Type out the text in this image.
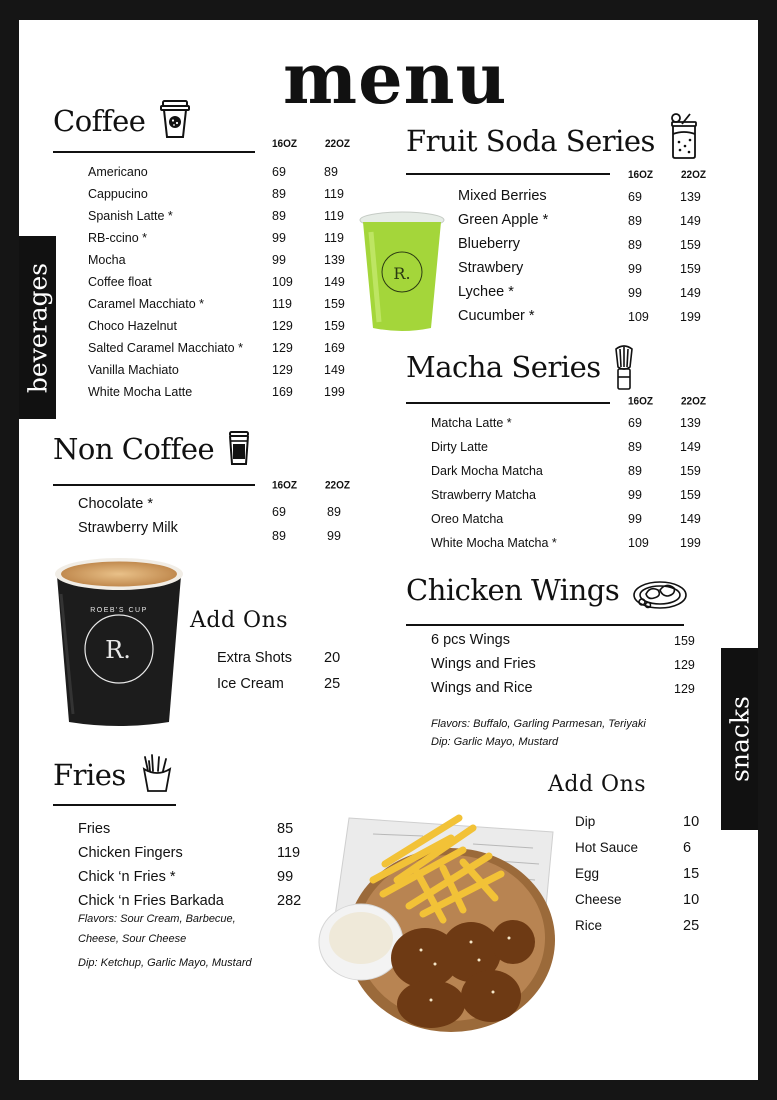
menu
beverages
snacks
Coffee
16OZ	22OZ
Americano	69	89
Cappucino	89	119
Spanish Latte *	89	119
RB-ccino *	99	119
Mocha	99	139
Coffee float	109 149
Caramel Macchiato *	119	159
Choco Hazelnut	129 159
Salted Caramel Macchiato * 129 169
Vanilla Machiato	129 149
White Mocha Latte	169 199
Non Coffee
16OZ	22OZ
Chocolate *	69	89
Strawberry Milk	89	99
R.
ROEB'S CUP Add Ons
Extra Shots 20
Ice Cream	25
Fries
Fries	85
Chicken Fingers	119
Chick ‘n Fries *	99
Chick ‘n Fries Barkada	282
Flavors: Sour Cream, Barbecue,
Cheese, Sour Cheese
Dip: Ketchup, Garlic Mayo, Mustard
Fruit Soda Series
16OZ	22OZ
Mixed Berries	69	139
Green Apple *	89	149
Blueberry	89	159
Strawbery	99	159
Lychee *	99	149
Cucumber *	109 199
R.
Macha Series
16OZ	22OZ
Matcha Latte *	69	139
Dirty Latte	89	149
Dark Mocha Matcha	89	159
Strawberry Matcha	99	159
Oreo Matcha	99	149
White Mocha Matcha *	109 199
Chicken Wings
6 pcs Wings	159
Wings and Fries	129
Wings and Rice	129
Flavors: Buffalo, Garling Parmesan, Teriyaki
Dip: Garlic Mayo, Mustard
Add Ons
Dip	10
Hot Sauce	6
Egg	15
Cheese	10
Rice	25
